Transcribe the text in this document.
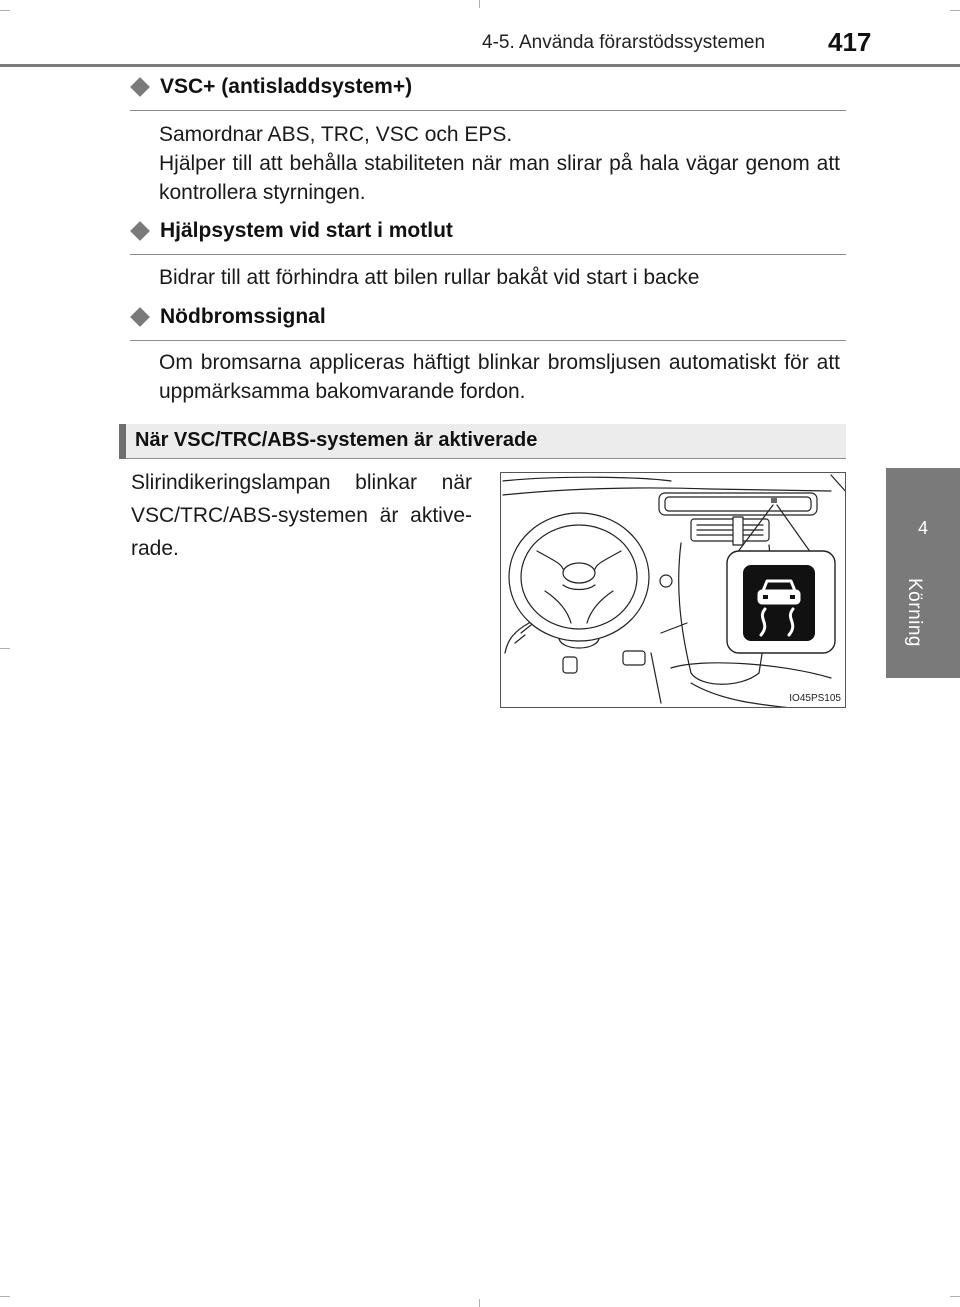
4-5. Använda förarstödssystemen 417
4
Körning
VSC+ (antisladdsystem+)

Samordnar ABS, TRC, VSC och EPS.

Hjälper till att behålla stabiliteten när man slirar på hala vägar genom att kontrollera styrningen.

Hjälpsystem vid start i motlut

Bidrar till att förhindra att bilen rullar bakåt vid start i backe

Nödbromssignal

Om bromsarna appliceras häftigt blinkar bromsljusen automatiskt för att uppmärksamma bakomvarande fordon.

När VSC/TRC/ABS-systemen är aktiverade
Slirindikeringslampan blinkar när VSC/TRC/ABS-systemen är aktive-rade.
IO45PS105
